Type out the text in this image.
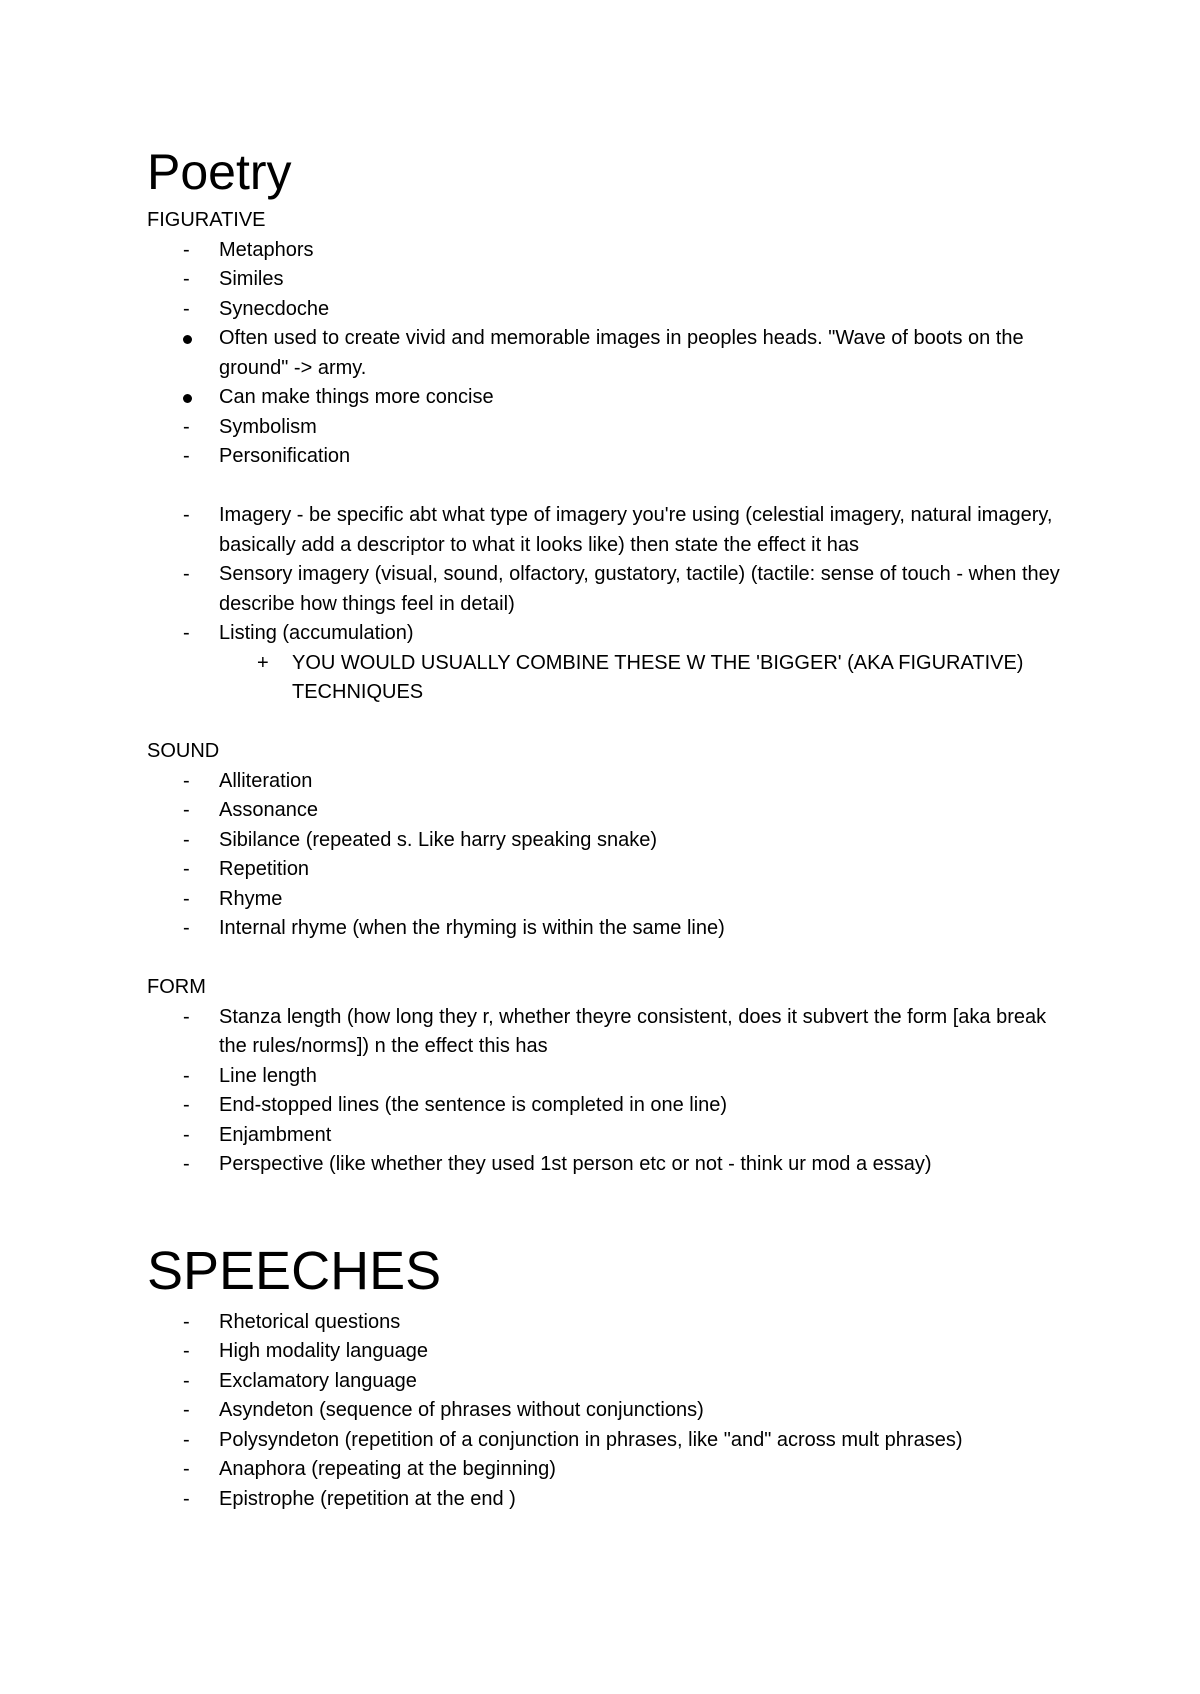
Poetry

FIGURATIVE

-	Metaphors
-	Similes
-	Synecdoche
Often used to create vivid and memorable images in peoples heads. "Wave of boots on the ground" -> army.
Can make things more concise
-	Symbolism
-	Personification
-	Imagery - be specific abt what type of imagery you're using (celestial imagery, natural imagery, basically add a descriptor to what it looks like) then state the effect it has
-	Sensory imagery (visual, sound, olfactory, gustatory, tactile) (tactile: sense of touch - when they describe how things feel in detail)
-	Listing (accumulation)
+	YOU WOULD USUALLY COMBINE THESE W THE 'BIGGER' (AKA FIGURATIVE) TECHNIQUES

SOUND

-	Alliteration
-	Assonance
-	Sibilance (repeated s. Like harry speaking snake)
-	Repetition
-	Rhyme
-	Internal rhyme (when the rhyming is within the same line)

FORM

-	Stanza length (how long they r, whether theyre consistent, does it subvert the form [aka break the rules/norms]) n the effect this has
-	Line length
-	End-stopped lines (the sentence is completed in one line)
-	Enjambment
-	Perspective (like whether they used 1st person etc or not - think ur mod a essay)
SPEECHES
-	Rhetorical questions
-	High modality language
-	Exclamatory language
-	Asyndeton (sequence of phrases without conjunctions)
-	Polysyndeton (repetition of a conjunction in phrases, like "and" across mult phrases)
-	Anaphora (repeating at the beginning)
-	Epistrophe (repetition at the end )
